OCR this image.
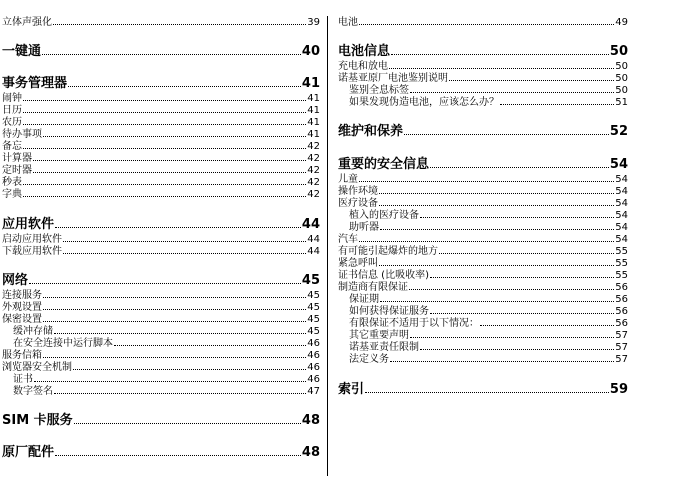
立体声强化	39
一键通	40
事务管理器	41
闹钟	41
日历	41
农历	41
待办事项	41
备忘	42
计算器	42
定时器	42
秒表	42
字典	42
应用软件	44
启动应用软件	44
下载应用软件	44
网络	45
连接服务	45
外观设置	45
保密设置	45
缓冲存储	45
在安全连接中运行脚本	46
服务信箱	46
浏览器安全机制	46
证书	46
数字签名	47
SIM 卡服务	48
原厂配件	48
电池	49
电池信息	50
充电和放电	50
诺基亚原厂电池鉴别说明	50
鉴别全息标签	50
如果发现伪造电池，应该怎么办？	51
维护和保养	52
重要的安全信息	54
儿童	54
操作环境	54
医疗设备	54
植入的医疗设备	54
助听器	54
汽车	54
有可能引起爆炸的地方	55
紧急呼叫	55
证书信息 (比吸收率)	55
制造商有限保证	56
保证期	56
如何获得保证服务	56
有限保证不适用于以下情况：	56
其它重要声明	57
诺基亚责任限制	57
法定义务	57
索引	59
